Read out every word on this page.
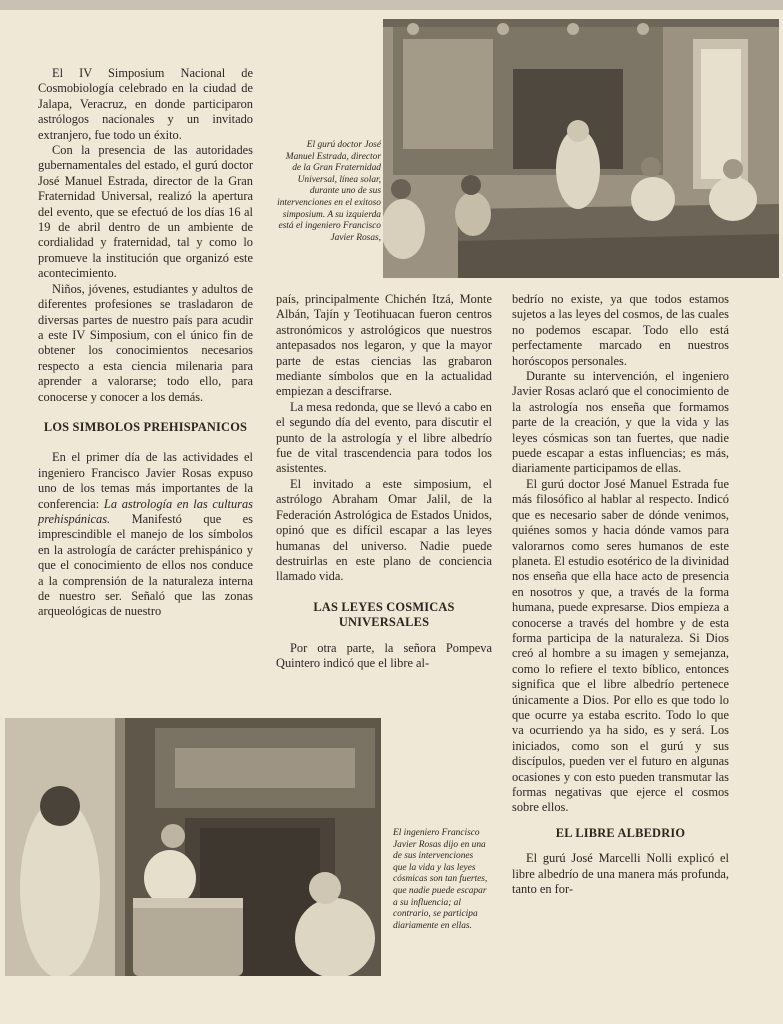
El gurú doctor José Manuel Estrada, director de la Gran Fraternidad Universal, línea solar, durante uno de sus intervenciones en el exitoso simposium. A su izquierda está el ingeniero Francisco Javier Rosas,

El IV Simposium Nacional de Cosmobiología celebrado en la ciudad de Jalapa, Veracruz, en donde participaron astrólogos nacionales y un invitado extranjero, fue todo un éxito.

Con la presencia de las autoridades gubernamentales del estado, el gurú doctor José Manuel Estrada, director de la Gran Fraternidad Universal, realizó la apertura del evento, que se efectuó de los días 16 al 19 de abril dentro de un ambiente de cordialidad y fraternidad, tal y como lo promueve la institución que organizó este acontecimiento.

Niños, jóvenes, estudiantes y adultos de diferentes profesiones se trasladaron de diversas partes de nuestro país para acudir a este IV Simposium, con el único fin de obtener los conocimientos necesarios respecto a esta ciencia milenaria para aprender a valorarse; todo ello, para conocerse y conocer a los demás.

LOS SIMBOLOS PREHISPANICOS

En el primer día de las actividades el ingeniero Francisco Javier Rosas expuso uno de los temas más importantes de la conferencia: La astrología en las culturas prehispánicas. Manifestó que es imprescindible el manejo de los símbolos en la astrología de carácter prehispánico y que el conocimiento de ellos nos conduce a la comprensión de la naturaleza interna de nuestro ser. Señaló que las zonas arqueológicas de nuestro

país, principalmente Chichén Itzá, Monte Albán, Tajín y Teotihuacan fueron centros astronómicos y astrológicos que nuestros antepasados nos legaron, y que la mayor parte de estas ciencias las grabaron mediante símbolos que en la actualidad empiezan a descifrarse.

La mesa redonda, que se llevó a cabo en el segundo día del evento, para discutir el punto de la astrología y el libre albedrío fue de vital trascendencia para todos los asistentes.

El invitado a este simposium, el astrólogo Abraham Omar Jalil, de la Federación Astrológica de Estados Unidos, opinó que es difícil escapar a las leyes humanas del universo. Nadie puede destruirlas en este plano de conciencia llamado vida.

LAS LEYES COSMICAS UNIVERSALES

Por otra parte, la señora Pompeva Quintero indicó que el libre al-

bedrío no existe, ya que todos estamos sujetos a las leyes del cosmos, de las cuales no podemos escapar. Todo ello está perfectamente marcado en nuestros horóscopos personales.

Durante su intervención, el ingeniero Javier Rosas aclaró que el conocimiento de la astrología nos enseña que formamos parte de la creación, y que la vida y las leyes cósmicas son tan fuertes, que nadie puede escapar a estas influencias; es más, diariamente participamos de ellas.

El gurú doctor José Manuel Estrada fue más filosófico al hablar al respecto. Indicó que es necesario saber de dónde venimos, quiénes somos y hacia dónde vamos para valorarnos como seres humanos de este planeta. El estudio esotérico de la divinidad nos enseña que ella hace acto de presencia en nosotros y que, a través de la forma humana, puede expresarse. Dios empieza a conocerse a través del hombre y de esta forma participa de la naturaleza. Si Dios creó al hombre a su imagen y semejanza, como lo refiere el texto bíblico, entonces significa que el libre albedrío pertenece únicamente a Dios. Por ello es que todo lo que ocurre ya estaba escrito. Todo lo que va ocurriendo ya ha sido, es y será. Los iniciados, como son el gurú y sus discípulos, pueden ver el futuro en algunas ocasiones y con esto pueden transmutar las formas negativas que ejerce el cosmos sobre ellos.

EL LIBRE ALBEDRIO

El gurú José Marcelli Nolli explicó el libre albedrío de una manera más profunda, tanto en for-

El ingeniero Francisco Javier Rosas dijo en una de sus intervenciones que la vida y las leyes cósmicas son tan fuertes, que nadie puede escapar a su influencia; al contrario, se participa diariamente en ellas.
